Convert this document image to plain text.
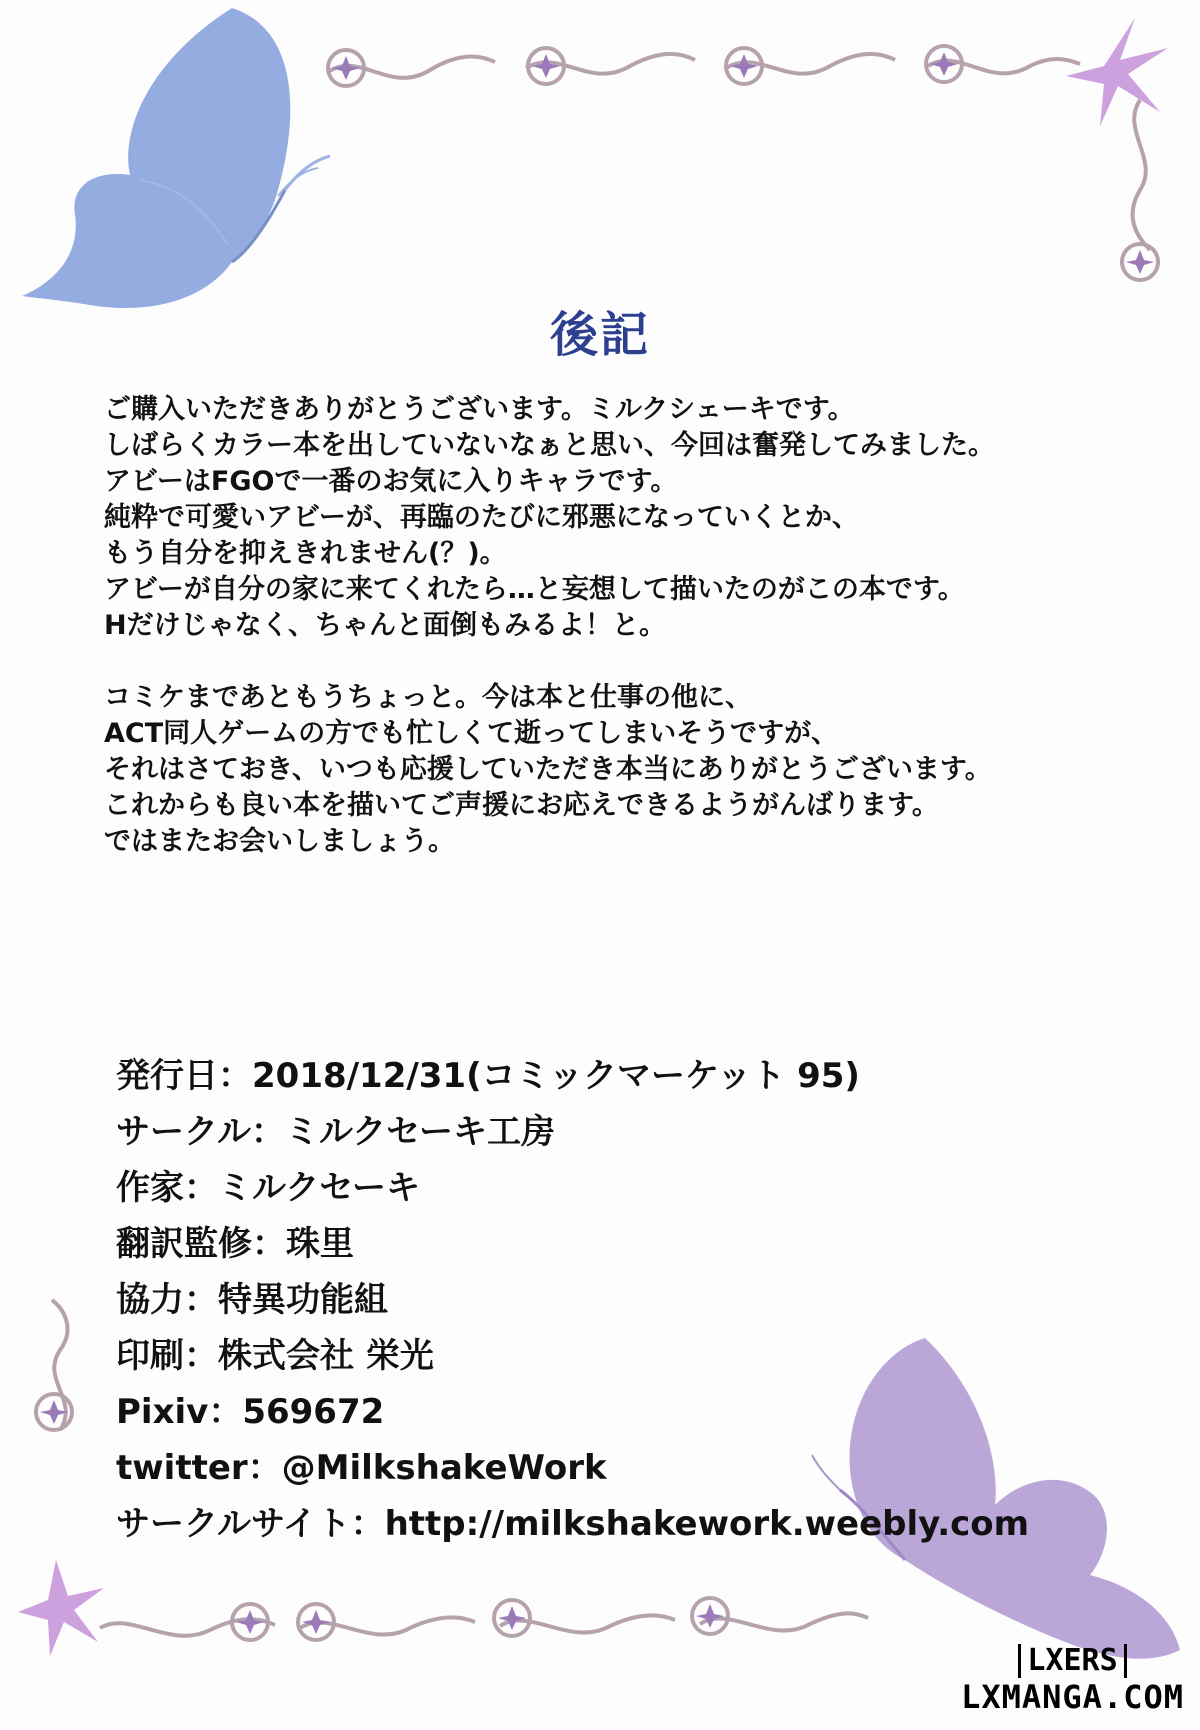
後記

ご購入いただきありがとうございます。ミルクシェーキです。

しばらくカラー本を出していないなぁと思い、今回は奮発してみました。

アビーはFGOで一番のお気に入りキャラです。

純粋で可愛いアビーが、再臨のたびに邪悪になっていくとか、

もう自分を抑えきれません(？)。

アビーが自分の家に来てくれたら…と妄想して描いたのがこの本です。

Hだけじゃなく、ちゃんと面倒もみるよ！と。

コミケまであともうちょっと。今は本と仕事の他に、

ACT同人ゲームの方でも忙しくて逝ってしまいそうですが、

それはさておき、いつも応援していただき本当にありがとうございます。

これからも良い本を描いてご声援にお応えできるようがんばります。

ではまたお会いしましょう。

発行日：2018/12/31(コミックマーケット 95)
サークル：ミルクセーキ工房
作家：ミルクセーキ
翻訳監修：珠里
協力：特異功能組
印刷：株式会社 栄光
Pixiv：569672
twitter：@MilkshakeWork
サークルサイト：http://milkshakework.weebly.com
LXERS
LXMANGA.COM
